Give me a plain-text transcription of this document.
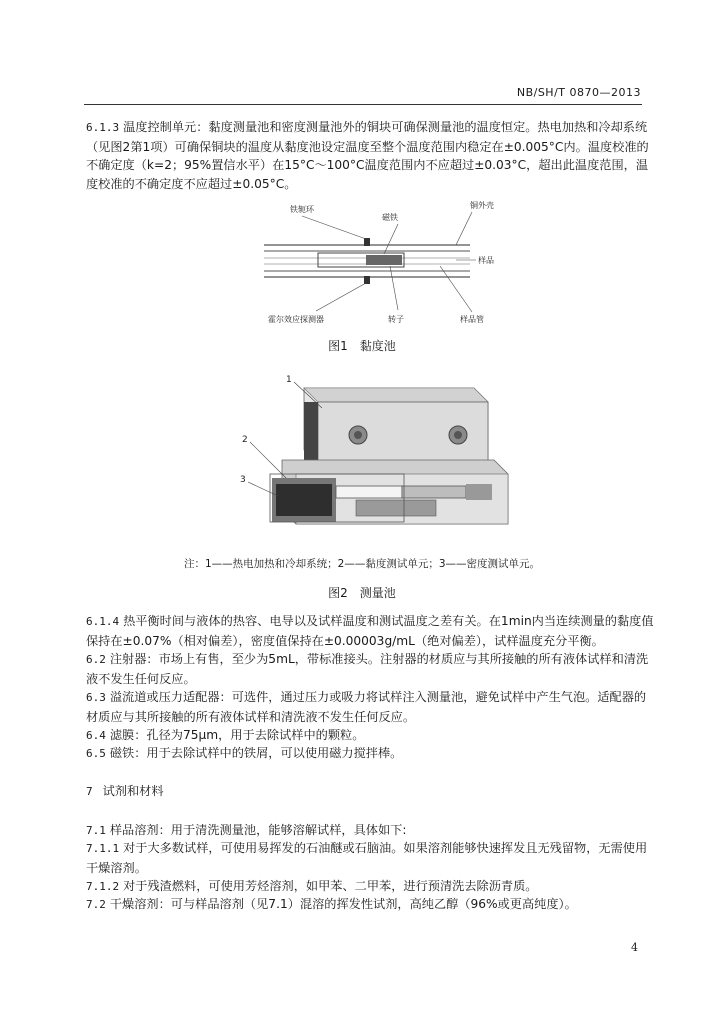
NB/SH/T 0870—2013
6.1.3 温度控制单元：黏度测量池和密度测量池外的铜块可确保测量池的温度恒定。热电加热和冷却系统（见图2第1项）可确保铜块的温度从黏度池设定温度至整个温度范围内稳定在±0.005°C内。温度校准的不确定度（k=2；95%置信水平）在15°C～100°C温度范围内不应超过±0.03°C，超出此温度范围，温度校准的不确定度不应超过±0.05°C。
铁轭环
磁铁
铜外壳
样品
霍尔效应探测器	转子	样品管
图1　黏度池
1
2
3
注：1——热电加热和冷却系统；2——黏度测试单元；3——密度测试单元。
图2　测量池
6.1.4 热平衡时间与液体的热容、电导以及试样温度和测试温度之差有关。在1min内当连续测量的黏度值保持在±0.07%（相对偏差），密度值保持在±0.00003g/mL（绝对偏差），试样温度充分平衡。
6.2 注射器：市场上有售，至少为5mL，带标准接头。注射器的材质应与其所接触的所有液体试样和清洗液不发生任何反应。
6.3 溢流道或压力适配器：可选件，通过压力或吸力将试样注入测量池，避免试样中产生气泡。适配器的材质应与其所接触的所有液体试样和清洗液不发生任何反应。
6.4 滤膜：孔径为75μm，用于去除试样中的颗粒。
6.5 磁铁：用于去除试样中的铁屑，可以使用磁力搅拌棒。
7 试剂和材料
7.1 样品溶剂：用于清洗测量池，能够溶解试样，具体如下:
7.1.1 对于大多数试样，可使用易挥发的石油醚或石脑油。如果溶剂能够快速挥发且无残留物，无需使用干燥溶剂。
7.1.2 对于残渣燃料，可使用芳烃溶剂，如甲苯、二甲苯，进行预清洗去除沥青质。
7.2 干燥溶剂：可与样品溶剂（见7.1）混溶的挥发性试剂，高纯乙醇（96%或更高纯度）。
4
